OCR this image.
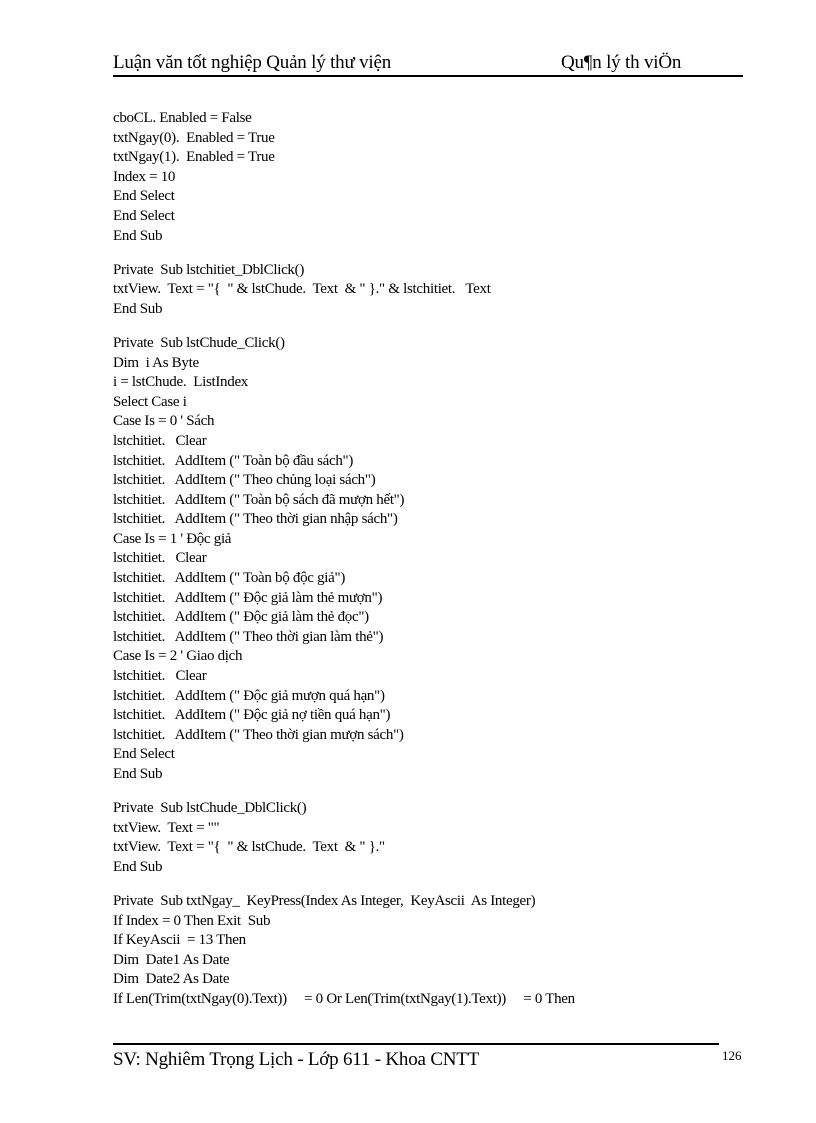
Luận văn tốt nghiệp Quản lý thư viện	Qu¶n lý th viÖn
cboCL. Enabled = False
txtNgay(0).  Enabled = True
txtNgay(1).  Enabled = True
Index = 10
End Select
End Select
End Sub
Private  Sub lstchitiet_DblClick()
txtView.  Text = "{  " & lstChude.  Text  & " }." & lstchitiet.   Text
End Sub
Private  Sub lstChude_Click()
Dim  i As Byte
i = lstChude.  ListIndex
Select Case i
Case Is = 0 ' Sách
lstchitiet.   Clear
lstchitiet.   AddItem (" Toàn bộ đầu sách")
lstchitiet.   AddItem (" Theo chủng loại sách")
lstchitiet.   AddItem (" Toàn bộ sách đã mượn hết")
lstchitiet.   AddItem (" Theo thời gian nhập sách")
Case Is = 1 ' Độc giả
lstchitiet.   Clear
lstchitiet.   AddItem (" Toàn bộ độc giả")
lstchitiet.   AddItem (" Độc giả làm thẻ mượn")
lstchitiet.   AddItem (" Độc giả làm thẻ đọc")
lstchitiet.   AddItem (" Theo thời gian làm thẻ")
Case Is = 2 ' Giao dịch
lstchitiet.   Clear
lstchitiet.   AddItem (" Độc giả mượn quá hạn")
lstchitiet.   AddItem (" Độc giả nợ tiền quá hạn")
lstchitiet.   AddItem (" Theo thời gian mượn sách")
End Select
End Sub
Private  Sub lstChude_DblClick()
txtView.  Text = ""
txtView.  Text = "{  " & lstChude.  Text  & " }."
End Sub
Private  Sub txtNgay_  KeyPress(Index As Integer,  KeyAscii  As Integer)
If Index = 0 Then Exit  Sub
If KeyAscii  = 13 Then
Dim  Date1 As Date
Dim  Date2 As Date
If Len(Trim(txtNgay(0).Text))     = 0 Or Len(Trim(txtNgay(1).Text))     = 0 Then
SV: Nghiêm Trọng Lịch - Lớp 611 - Khoa CNTT	126
